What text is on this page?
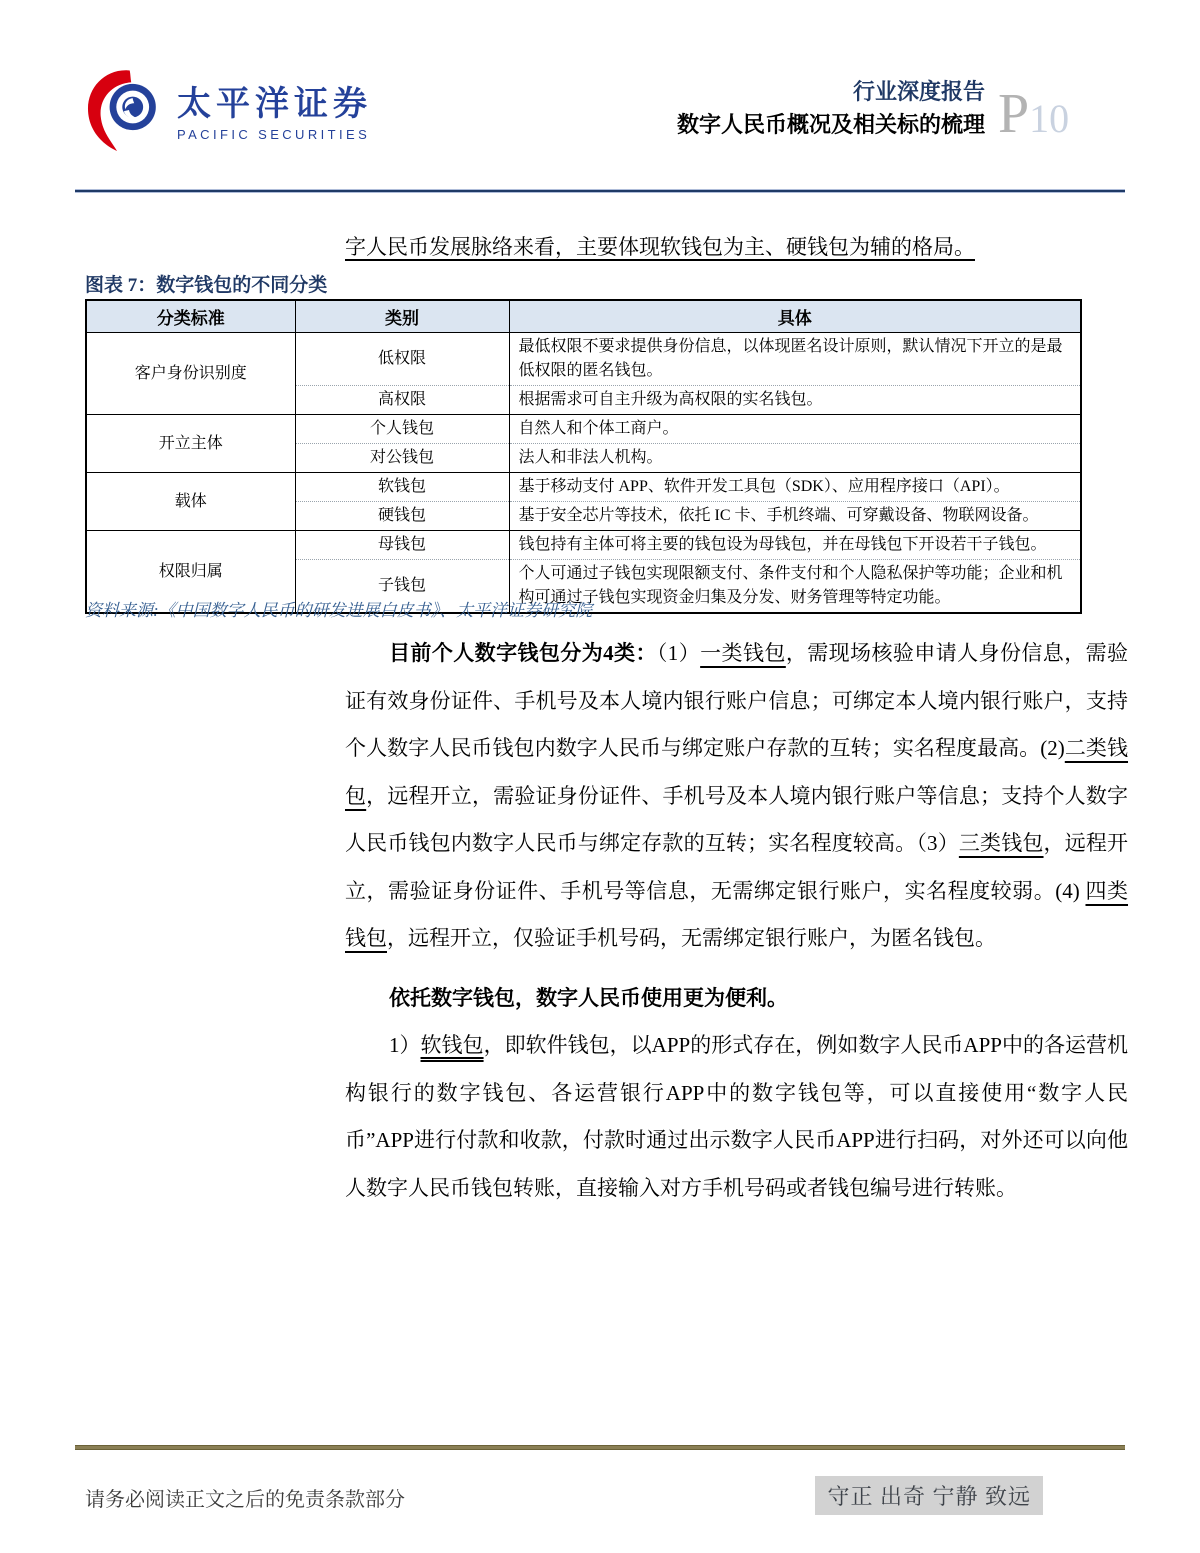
太平洋证券
PACIFIC SECURITIES
行业深度报告
数字人民币概况及相关标的梳理 P10
字人民币发展脉络来看，主要体现软钱包为主、硬钱包为辅的格局。
图表 7：数字钱包的不同分类
分类标准	类别	具体
客户身份识别度	低权限	最低权限不要求提供身份信息，以体现匿名设计原则，默认情况下开立的是最低权限的匿名钱包。
	高权限	根据需求可自主升级为高权限的实名钱包。
开立主体	个人钱包	自然人和个体工商户。
	对公钱包	法人和非法人机构。
载体	软钱包	基于移动支付 APP、软件开发工具包（SDK）、应用程序接口（API）。
	硬钱包	基于安全芯片等技术，依托 IC 卡、手机终端、可穿戴设备、物联网设备。
权限归属	母钱包	钱包持有主体可将主要的钱包设为母钱包，并在母钱包下开设若干子钱包。
	子钱包	个人可通过子钱包实现限额支付、条件支付和个人隐私保护等功能；企业和机构可通过子钱包实现资金归集及分发、财务管理等特定功能。
资料来源:《中国数字人民币的研发进展白皮书》、太平洋证券研究院

目前个人数字钱包分为4类：（1）一类钱包，需现场核验申请人身份信息，需验证有效身份证件、手机号及本人境内银行账户信息；可绑定本人境内银行账户，支持个人数字人民币钱包内数字人民币与绑定账户存款的互转；实名程度最高。(2)二类钱包，远程开立，需验证身份证件、手机号及本人境内银行账户等信息；支持个人数字人民币钱包内数字人民币与绑定存款的互转；实名程度较高。（3）三类钱包，远程开立，需验证身份证件、手机号等信息，无需绑定银行账户，实名程度较弱。(4) 四类钱包，远程开立，仅验证手机号码，无需绑定银行账户，为匿名钱包。

依托数字钱包，数字人民币使用更为便利。

1）软钱包，即软件钱包，以APP的形式存在，例如数字人民币APP中的各运营机构银行的数字钱包、各运营银行APP中的数字钱包等，可以直接使用“数字人民币”APP进行付款和收款，付款时通过出示数字人民币APP进行扫码，对外还可以向他人数字人民币钱包转账，直接输入对方手机号码或者钱包编号进行转账。

请务必阅读正文之后的免责条款部分	守正 出奇 宁静 致远
